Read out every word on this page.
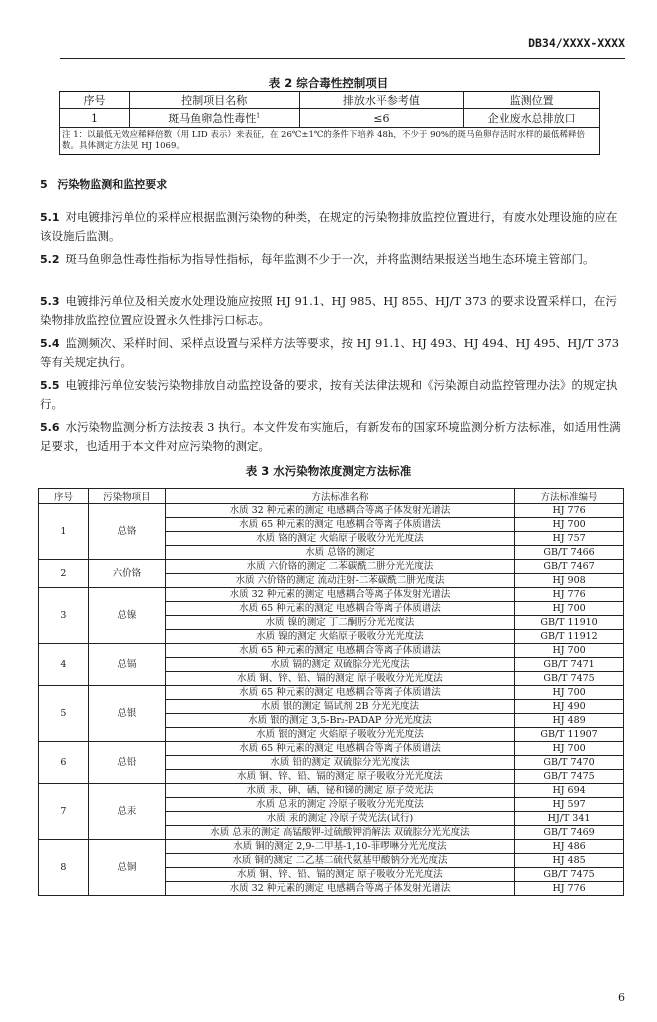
DB34/XXXX-XXXX
表 2 综合毒性控制项目
序号	控制项目名称	排放水平参考值	监测位置
1	斑马鱼卵急性毒性$^1$	≤6	企业废水总排放口
注 1：以最低无效应稀释倍数（用 LID 表示）来表征，在 26℃±1℃的条件下培养 48h，不少于 90%的斑马鱼卵存活时水样的最低稀释倍数。具体测定方法见 HJ 1069。			
5 污染物监测和监控要求
5.1 对电镀排污单位的采样应根据监测污染物的种类，在规定的污染物排放监控位置进行，有废水处理设施的应在该设施后监测。
5.2 斑马鱼卵急性毒性指标为指导性指标，每年监测不少于一次，并将监测结果报送当地生态环境主管部门。
5.3 电镀排污单位及相关废水处理设施应按照 HJ 91.1、HJ 985、HJ 855、HJ/T 373 的要求设置采样口，在污染物排放监控位置应设置永久性排污口标志。
5.4 监测频次、采样时间、采样点设置与采样方法等要求，按 HJ 91.1、HJ 493、HJ 494、HJ 495、HJ/T 373 等有关规定执行。
5.5 电镀排污单位安装污染物排放自动监控设备的要求，按有关法律法规和《污染源自动监控管理办法》的规定执行。
5.6 水污染物监测分析方法按表 3 执行。本文件发布实施后，有新发布的国家环境监测分析方法标准，如适用性满足要求，也适用于本文件对应污染物的测定。
表 3 水污染物浓度测定方法标准
序号	污染物项目	方法标准名称	方法标准编号
1	总铬	水质 32 种元素的测定 电感耦合等离子体发射光谱法	HJ 776
		水质 65 种元素的测定 电感耦合等离子体质谱法	HJ 700
		水质 铬的测定 火焰原子吸收分光光度法	HJ 757
		水质 总铬的测定	GB/T 7466
2	六价铬	水质 六价铬的测定 二苯碳酰二肼分光光度法	GB/T 7467
		水质 六价铬的测定 流动注射-二苯碳酰二肼光度法	HJ 908
3	总镍	水质 32 种元素的测定 电感耦合等离子体发射光谱法	HJ 776
		水质 65 种元素的测定 电感耦合等离子体质谱法	HJ 700
		水质 镍的测定 丁二酮肟分光光度法	GB/T 11910
		水质 镍的测定 火焰原子吸收分光光度法	GB/T 11912
4	总镉	水质 65 种元素的测定 电感耦合等离子体质谱法	HJ 700
		水质 镉的测定 双硫腙分光光度法	GB/T 7471
		水质 铜、锌、铅、镉的测定 原子吸收分光光度法	GB/T 7475
5	总银	水质 65 种元素的测定 电感耦合等离子体质谱法	HJ 700
		水质 银的测定 镉试剂 2B 分光光度法	HJ 490
		水质 银的测定 3,5-Br₂-PADAP 分光光度法	HJ 489
		水质 银的测定 火焰原子吸收分光光度法	GB/T 11907
6	总铅	水质 65 种元素的测定 电感耦合等离子体质谱法	HJ 700
		水质 铅的测定 双硫腙分光光度法	GB/T 7470
		水质 铜、锌、铅、镉的测定 原子吸收分光光度法	GB/T 7475
7	总汞	水质 汞、砷、硒、铋和锑的测定 原子荧光法	HJ 694
		水质 总汞的测定 冷原子吸收分光光度法	HJ 597
		水质 汞的测定 冷原子荧光法(试行)	HJ/T 341
		水质 总汞的测定 高锰酸钾-过硫酸钾消解法 双硫腙分光光度法	GB/T 7469
8	总铜	水质 铜的测定 2,9-二甲基-1,10-菲啰啉分光光度法	HJ 486
		水质 铜的测定 二乙基二硫代氨基甲酸钠分光光度法	HJ 485
		水质 铜、锌、铅、镉的测定 原子吸收分光光度法	GB/T 7475
		水质 32 种元素的测定 电感耦合等离子体发射光谱法	HJ 776
6
